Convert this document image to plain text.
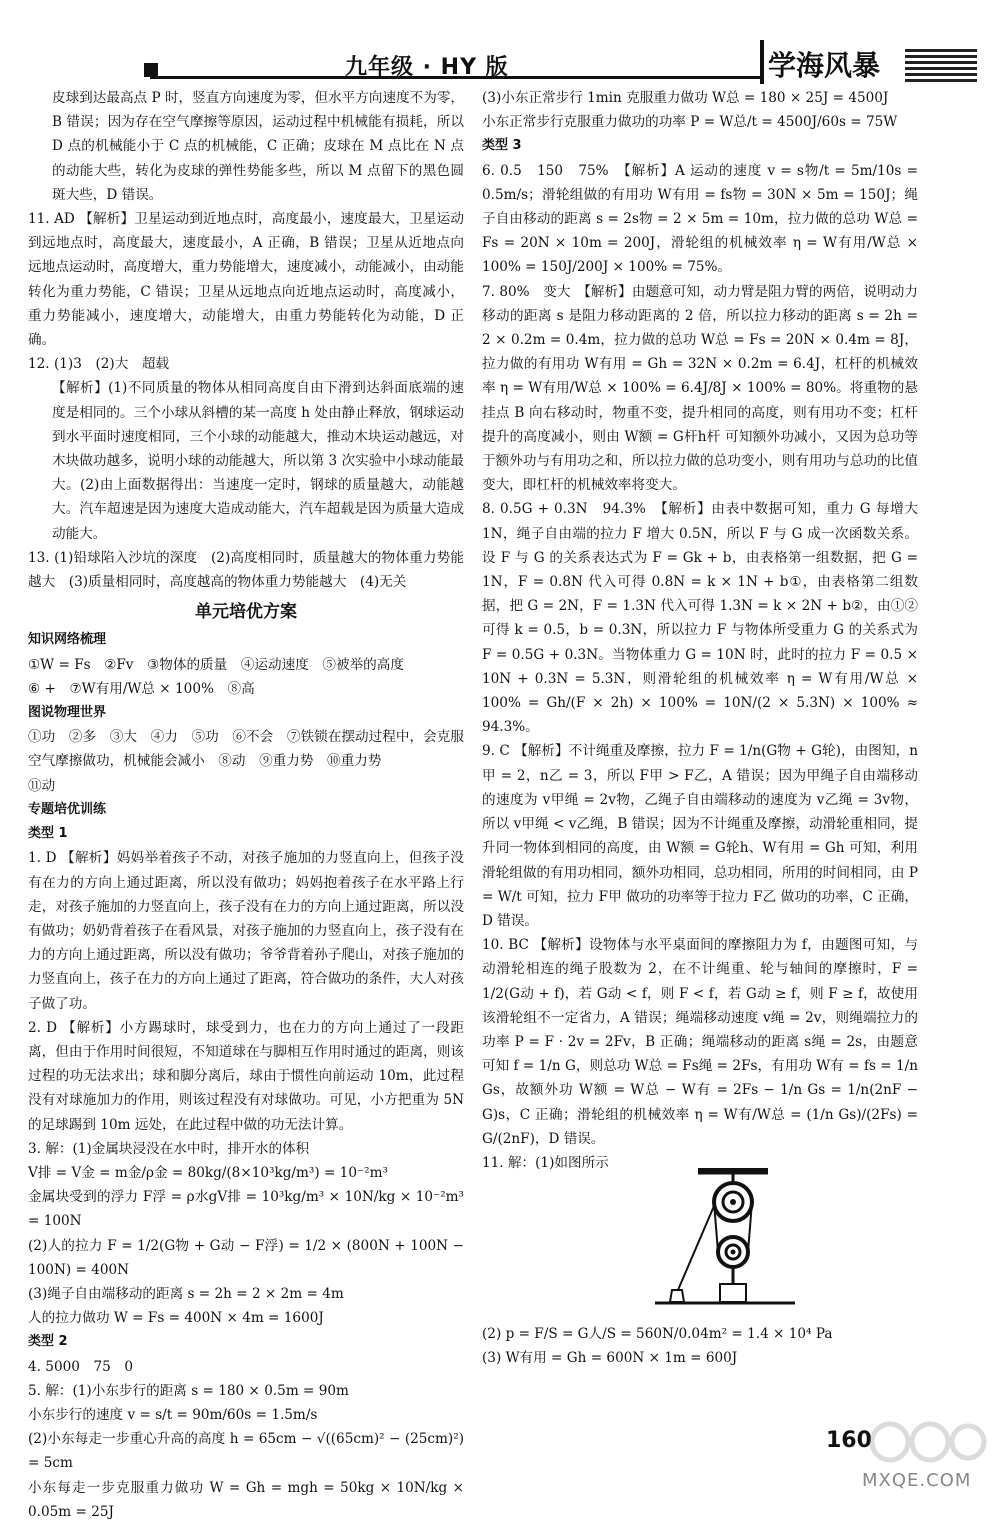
九年级 · HY 版	学海风暴

皮球到达最高点 P 时，竖直方向速度为零，但水平方向速度不为零，B 错误；因为存在空气摩擦等原因，运动过程中机械能有损耗，所以 D 点的机械能小于 C 点的机械能，C 正确；皮球在 M 点比在 N 点的动能大些，转化为皮球的弹性势能多些，所以 M 点留下的黑色圆斑大些，D 错误。

11. AD 【解析】卫星运动到近地点时，高度最小，速度最大，卫星运动到远地点时，高度最大，速度最小，A 正确，B 错误；卫星从近地点向远地点运动时，高度增大，重力势能增大，速度减小，动能减小，由动能转化为重力势能，C 错误；卫星从远地点向近地点运动时，高度减小，重力势能减小，速度增大，动能增大，由重力势能转化为动能，D 正确。

12. (1)3　(2)大　超载

【解析】(1)不同质量的物体从相同高度自由下滑到达斜面底端的速度是相同的。三个小球从斜槽的某一高度 h 处由静止释放，钢球运动到水平面时速度相同，三个小球的动能越大，推动木块运动越远，对木块做功越多，说明小球的动能越大，所以第 3 次实验中小球动能最大。(2)由上面数据得出：当速度一定时，钢球的质量越大，动能越大。汽车超速是因为速度大造成动能大，汽车超载是因为质量大造成动能大。

13. (1)铅球陷入沙坑的深度　(2)高度相同时，质量越大的物体重力势能越大　(3)质量相同时，高度越高的物体重力势能越大　(4)无关

单元培优方案
知识网络梳理

①W = Fs　②Fv　③物体的质量　④运动速度　⑤被举的高度

⑥ +　⑦W有用/W总 × 100%　⑧高

图说物理世界

①功　②多　③大　④力　⑤功　⑥不会　⑦铁锁在摆动过程中，会克服空气摩擦做功，机械能会减小　⑧动　⑨重力势　⑩重力势

⑪动

专题培优训练
类型 1

1. D 【解析】妈妈举着孩子不动，对孩子施加的力竖直向上，但孩子没有在力的方向上通过距离，所以没有做功；妈妈抱着孩子在水平路上行走，对孩子施加的力竖直向上，孩子没有在力的方向上通过距离，所以没有做功；奶奶背着孩子在看风景，对孩子施加的力竖直向上，孩子没有在力的方向上通过距离，所以没有做功；爷爷背着孙子爬山，对孩子施加的力竖直向上，孩子在力的方向上通过了距离，符合做功的条件，大人对孩子做了功。

2. D 【解析】小方踢球时，球受到力，也在力的方向上通过了一段距离，但由于作用时间很短，不知道球在与脚相互作用时通过的距离，则该过程的功无法求出；球和脚分离后，球由于惯性向前运动 10m，此过程没有对球施加力的作用，则该过程没有对球做功。可见，小方把重为 5N 的足球踢到 10m 远处，在此过程中做的功无法计算。

3. 解：(1)金属块浸没在水中时，排开水的体积

V排 = V金 = m金/ρ金 = 80kg/(8×10³kg/m³) = 10⁻²m³

金属块受到的浮力 F浮 = ρ水gV排 = 10³kg/m³ × 10N/kg × 10⁻²m³ = 100N

(2)人的拉力 F = 1/2(G物 + G动 − F浮) = 1/2 × (800N + 100N − 100N) = 400N

(3)绳子自由端移动的距离 s = 2h = 2 × 2m = 4m

人的拉力做功 W = Fs = 400N × 4m = 1600J

类型 2

4. 5000　75　0

5. 解：(1)小东步行的距离 s = 180 × 0.5m = 90m

小东步行的速度 v = s/t = 90m/60s = 1.5m/s

(2)小东每走一步重心升高的高度 h = 65cm − √((65cm)² − (25cm)²) = 5cm

小东每走一步克服重力做功 W = Gh = mgh = 50kg × 10N/kg × 0.05m = 25J

(3)小东正常步行 1min 克服重力做功 W总 = 180 × 25J = 4500J

小东正常步行克服重力做功的功率 P = W总/t = 4500J/60s = 75W

类型 3

6. 0.5　150　75%　【解析】A 运动的速度 v = s物/t = 5m/10s = 0.5m/s；滑轮组做的有用功 W有用 = fs物 = 30N × 5m = 150J；绳子自由移动的距离 s = 2s物 = 2 × 5m = 10m，拉力做的总功 W总 = Fs = 20N × 10m = 200J，滑轮组的机械效率 η = W有用/W总 × 100% = 150J/200J × 100% = 75%。

7. 80%　变大　【解析】由题意可知，动力臂是阻力臂的两倍，说明动力移动的距离 s 是阻力移动距离的 2 倍，所以拉力移动的距离 s = 2h = 2 × 0.2m = 0.4m，拉力做的总功 W总 = Fs = 20N × 0.4m = 8J，拉力做的有用功 W有用 = Gh = 32N × 0.2m = 6.4J，杠杆的机械效率 η = W有用/W总 × 100% = 6.4J/8J × 100% = 80%。将重物的悬挂点 B 向右移动时，物重不变，提升相同的高度，则有用功不变；杠杆提升的高度减小，则由 W额 = G杆h杆 可知额外功减小，又因为总功等于额外功与有用功之和，所以拉力做的总功变小，则有用功与总功的比值变大，即杠杆的机械效率将变大。

8. 0.5G + 0.3N　94.3%　【解析】由表中数据可知，重力 G 每增大 1N，绳子自由端的拉力 F 增大 0.5N，所以 F 与 G 成一次函数关系。设 F 与 G 的关系表达式为 F = Gk + b，由表格第一组数据，把 G = 1N，F = 0.8N 代入可得 0.8N = k × 1N + b①，由表格第二组数据，把 G = 2N，F = 1.3N 代入可得 1.3N = k × 2N + b②，由①②可得 k = 0.5，b = 0.3N，所以拉力 F 与物体所受重力 G 的关系式为 F = 0.5G + 0.3N。当物体重力 G = 10N 时，此时的拉力 F = 0.5 × 10N + 0.3N = 5.3N，则滑轮组的机械效率 η = W有用/W总 × 100% = Gh/(F × 2h) × 100% = 10N/(2 × 5.3N) × 100% ≈ 94.3%。

9. C 【解析】不计绳重及摩擦，拉力 F = 1/n(G物 + G轮)，由图知，n甲 = 2，n乙 = 3，所以 F甲 > F乙，A 错误；因为甲绳子自由端移动的速度为 v甲绳 = 2v物，乙绳子自由端移动的速度为 v乙绳 = 3v物，所以 v甲绳 < v乙绳，B 错误；因为不计绳重及摩擦，动滑轮重相同，提升同一物体到相同的高度，由 W额 = G轮h、W有用 = Gh 可知，利用滑轮组做的有用功相同，额外功相同，总功相同，所用的时间相同，由 P = W/t 可知，拉力 F甲 做功的功率等于拉力 F乙 做功的功率，C 正确，D 错误。

10. BC 【解析】设物体与水平桌面间的摩擦阻力为 f，由题图可知，与动滑轮相连的绳子股数为 2，在不计绳重、轮与轴间的摩擦时，F = 1/2(G动 + f)，若 G动 < f，则 F < f，若 G动 ≥ f，则 F ≥ f，故使用该滑轮组不一定省力，A 错误；绳端移动速度 v绳 = 2v，则绳端拉力的功率 P = F · 2v = 2Fv，B 正确；绳端移动的距离 s绳 = 2s，由题意可知 f = 1/n G，则总功 W总 = Fs绳 = 2Fs，有用功 W有 = fs = 1/n Gs，故额外功 W额 = W总 − W有 = 2Fs − 1/n Gs = 1/n(2nF − G)s，C 正确；滑轮组的机械效率 η = W有/W总 = (1/n Gs)/(2Fs) = G/(2nF)，D 错误。

11. 解：(1)如图所示

(2) p = F/S = G人/S = 560N/0.04m² = 1.4 × 10⁴ Pa

(3) W有用 = Gh = 600N × 1m = 600J

160
MXQE.COM
